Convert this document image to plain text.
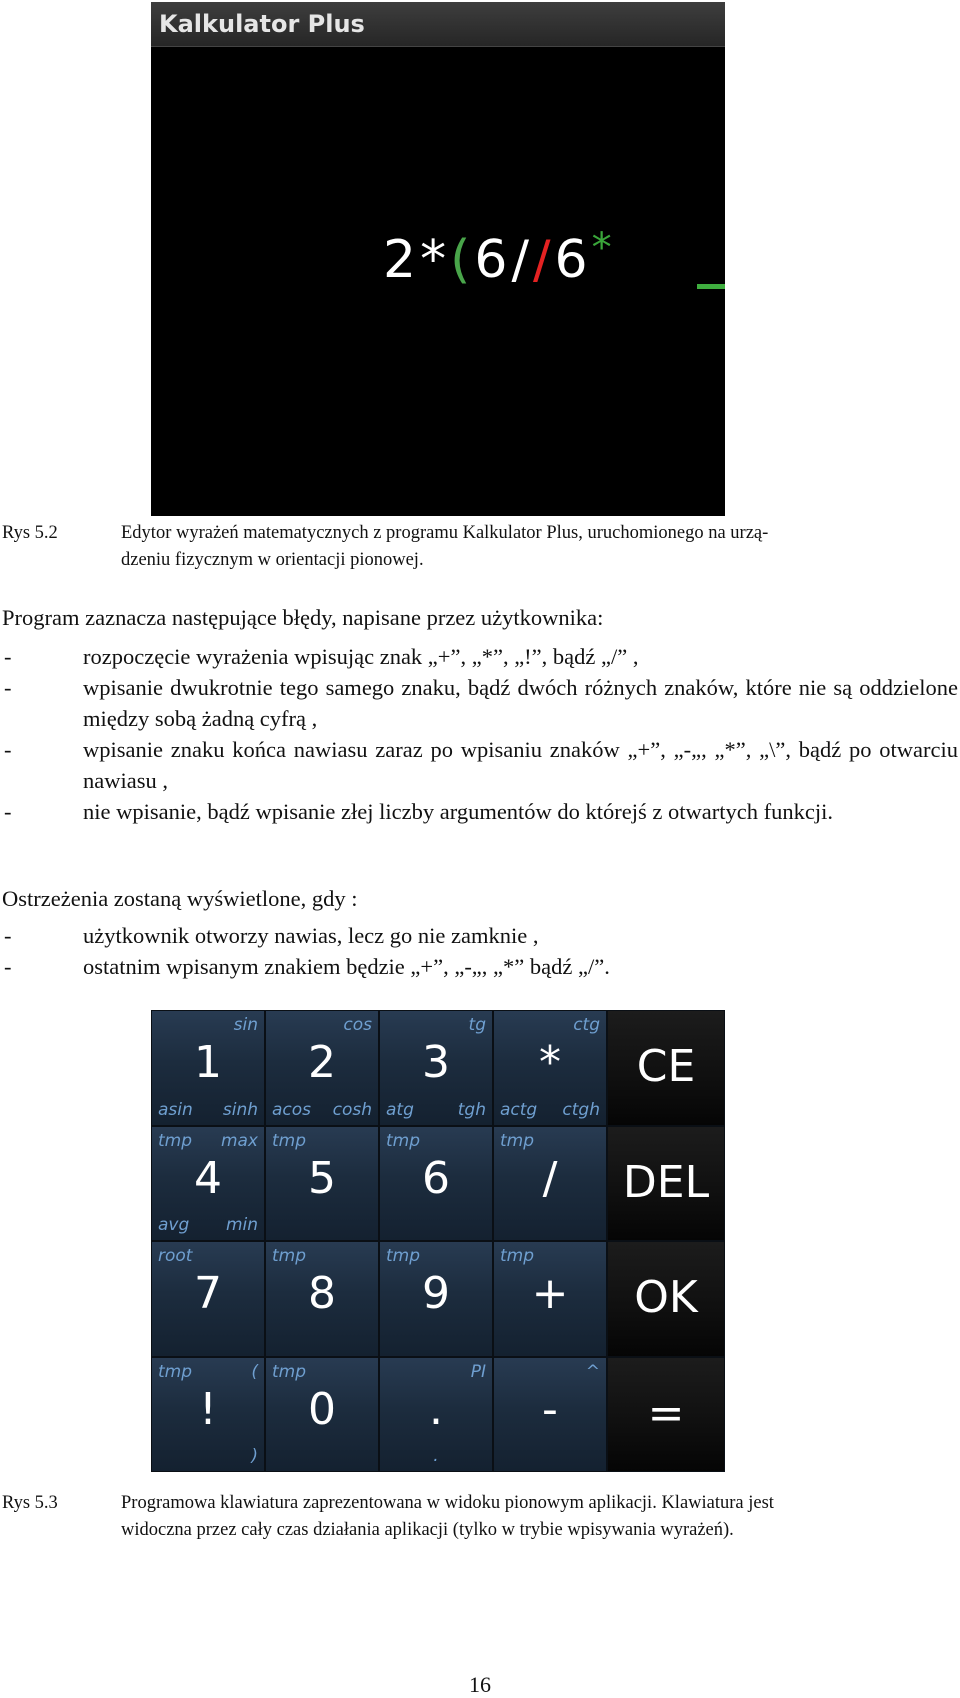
Kalkulator Plus
2*(6//6*
Rys 5.2	Edytor wyrażeń matematycznych z programu Kalkulator Plus, uruchomionego na urzą-
dzeniu fizycznym w orientacji pionowej.
Program zaznacza następujące błędy, napisane przez użytkownika:
-	rozpoczęcie wyrażenia wpisując znak „+”, „*”, „!”, bądź „/” ,
-	wpisanie dwukrotnie tego samego znaku, bądź dwóch różnych znaków, które nie są oddzielone między sobą żadną cyfrą ,
-	wpisanie znaku końca nawiasu zaraz po wpisaniu znaków „+”, „-„, „*”, „\”, bądź po otwarciu nawiasu ,
-	nie wpisanie, bądź wpisanie złej liczby argumentów do którejś z otwartych funkcji.
Ostrzeżenia zostaną wyświetlone, gdy :
-	użytkownik otworzy nawias, lecz go nie zamknie ,
-	ostatnim wpisanym znakiem będzie „+”, „-„, „*” bądź „/”.
1
sin
asin sinh
2
cos
acos cosh
3
tg
atg	tgh
*
ctg
actg ctgh
CE
4
tmp max
avg min
5
tmp
6
tmp
/
tmp
DEL
7
root
8
tmp
9
tmp
+
tmp
OK
!
tmp	(
)
0
tmp
.
PI
.
-
^
=
Rys 5.3	Programowa klawiatura zaprezentowana w widoku pionowym aplikacji. Klawiatura jest
widoczna przez cały czas działania aplikacji (tylko w trybie wpisywania wyrażeń).
16
